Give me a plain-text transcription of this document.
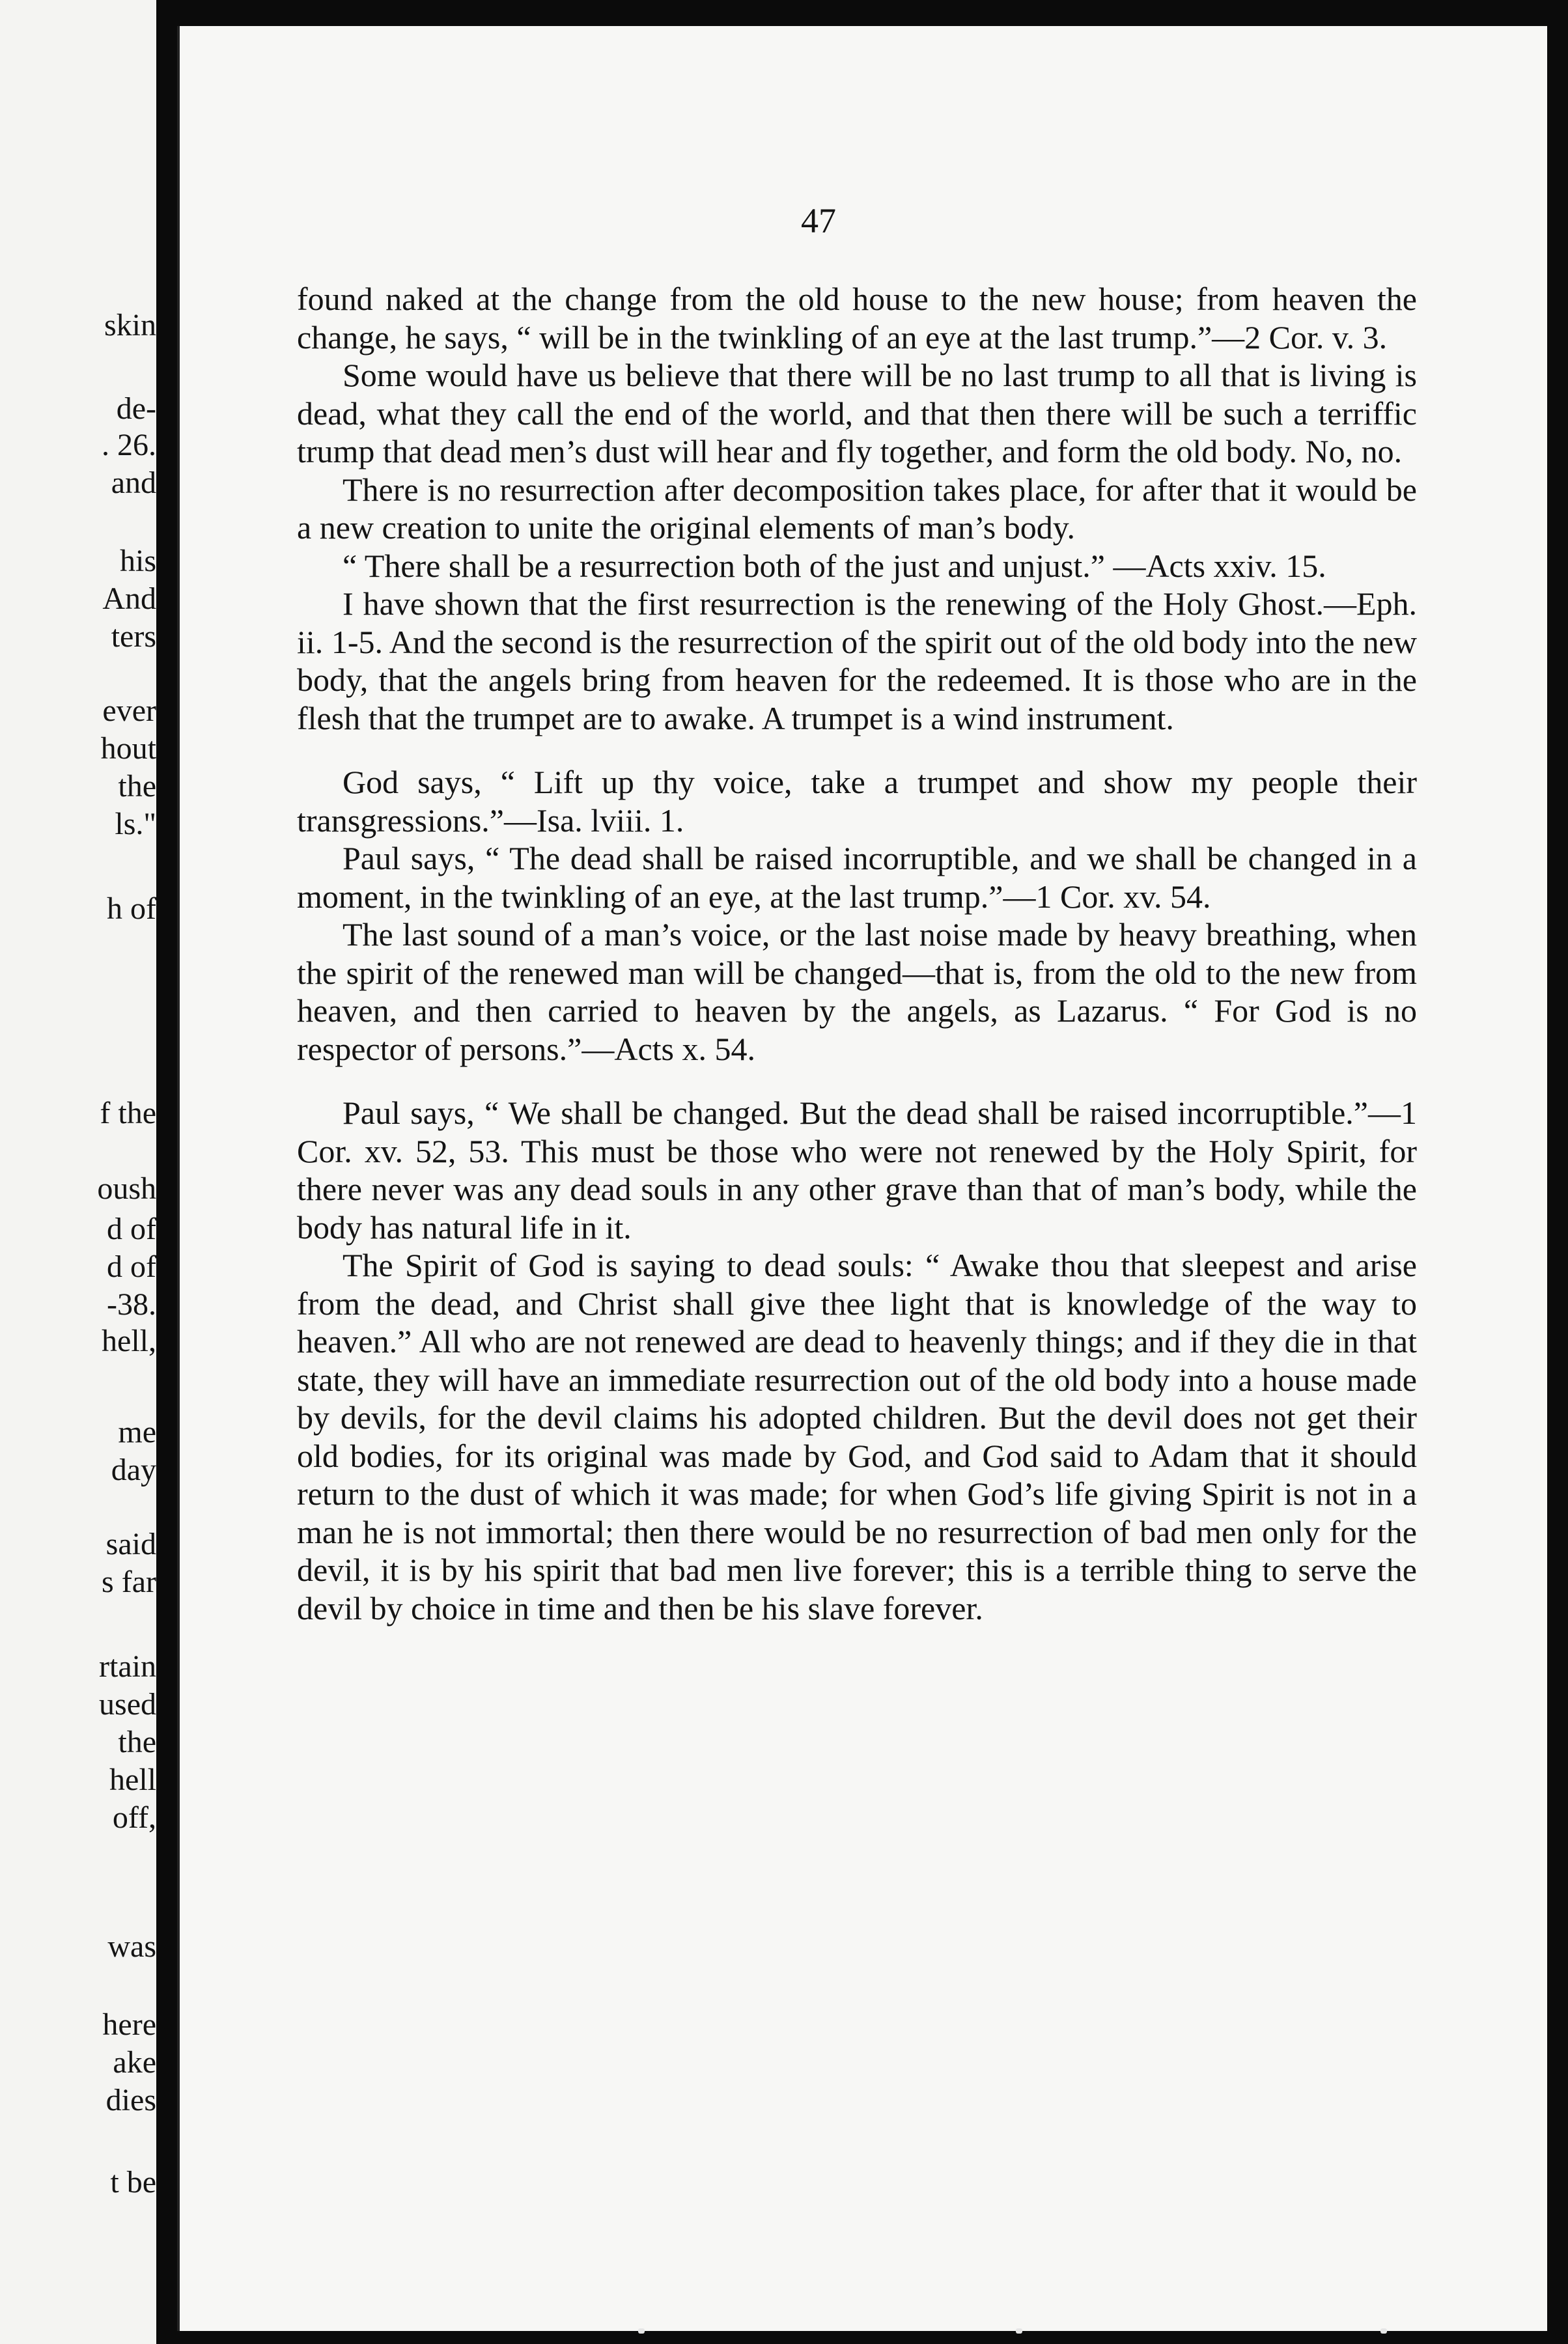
skin
de-
. 26.
and
his
And
ters
ever
hout
the
ls."
h of
f the
oush
d of
d of
-38.
hell,
me
day
said
s far
rtain
used
the
hell
off,
was
here
ake
dies
t be
47

found naked at the change from the old house to the new house; from heaven the change, he says, “ will be in the twinkling of an eye at the last trump.”—2 Cor. v. 3.

Some would have us believe that there will be no last trump to all that is living is dead, what they call the end of the world, and that then there will be such a terriffic trump that dead men’s dust will hear and fly together, and form the old body. No, no.

There is no resurrection after decomposition takes place, for after that it would be a new creation to unite the original elements of man’s body.

“ There shall be a resurrection both of the just and unjust.” —Acts xxiv. 15.

I have shown that the first resurrection is the renewing of the Holy Ghost.—Eph. ii. 1-5. And the second is the resurrection of the spirit out of the old body into the new body, that the angels bring from heaven for the redeemed. It is those who are in the flesh that the trumpet are to awake. A trumpet is a wind instrument.

God says, “ Lift up thy voice, take a trumpet and show my people their transgressions.”—Isa. lviii. 1.

Paul says, “ The dead shall be raised incorruptible, and we shall be changed in a moment, in the twinkling of an eye, at the last trump.”—1 Cor. xv. 54.

The last sound of a man’s voice, or the last noise made by heavy breathing, when the spirit of the renewed man will be changed—that is, from the old to the new from heaven, and then carried to heaven by the angels, as Lazarus. “ For God is no respector of persons.”—Acts x. 54.

Paul says, “ We shall be changed. But the dead shall be raised incorruptible.”—1 Cor. xv. 52, 53. This must be those who were not renewed by the Holy Spirit, for there never was any dead souls in any other grave than that of man’s body, while the body has natural life in it.

The Spirit of God is saying to dead souls: “ Awake thou that sleepest and arise from the dead, and Christ shall give thee light that is knowledge of the way to heaven.” All who are not renewed are dead to heavenly things; and if they die in that state, they will have an immediate resurrection out of the old body into a house made by devils, for the devil claims his adopted children. But the devil does not get their old bodies, for its original was made by God, and God said to Adam that it should return to the dust of which it was made; for when God’s life giving Spirit is not in a man he is not immortal; then there would be no resurrection of bad men only for the devil, it is by his spirit that bad men live forever; this is a terrible thing to serve the devil by choice in time and then be his slave forever.
